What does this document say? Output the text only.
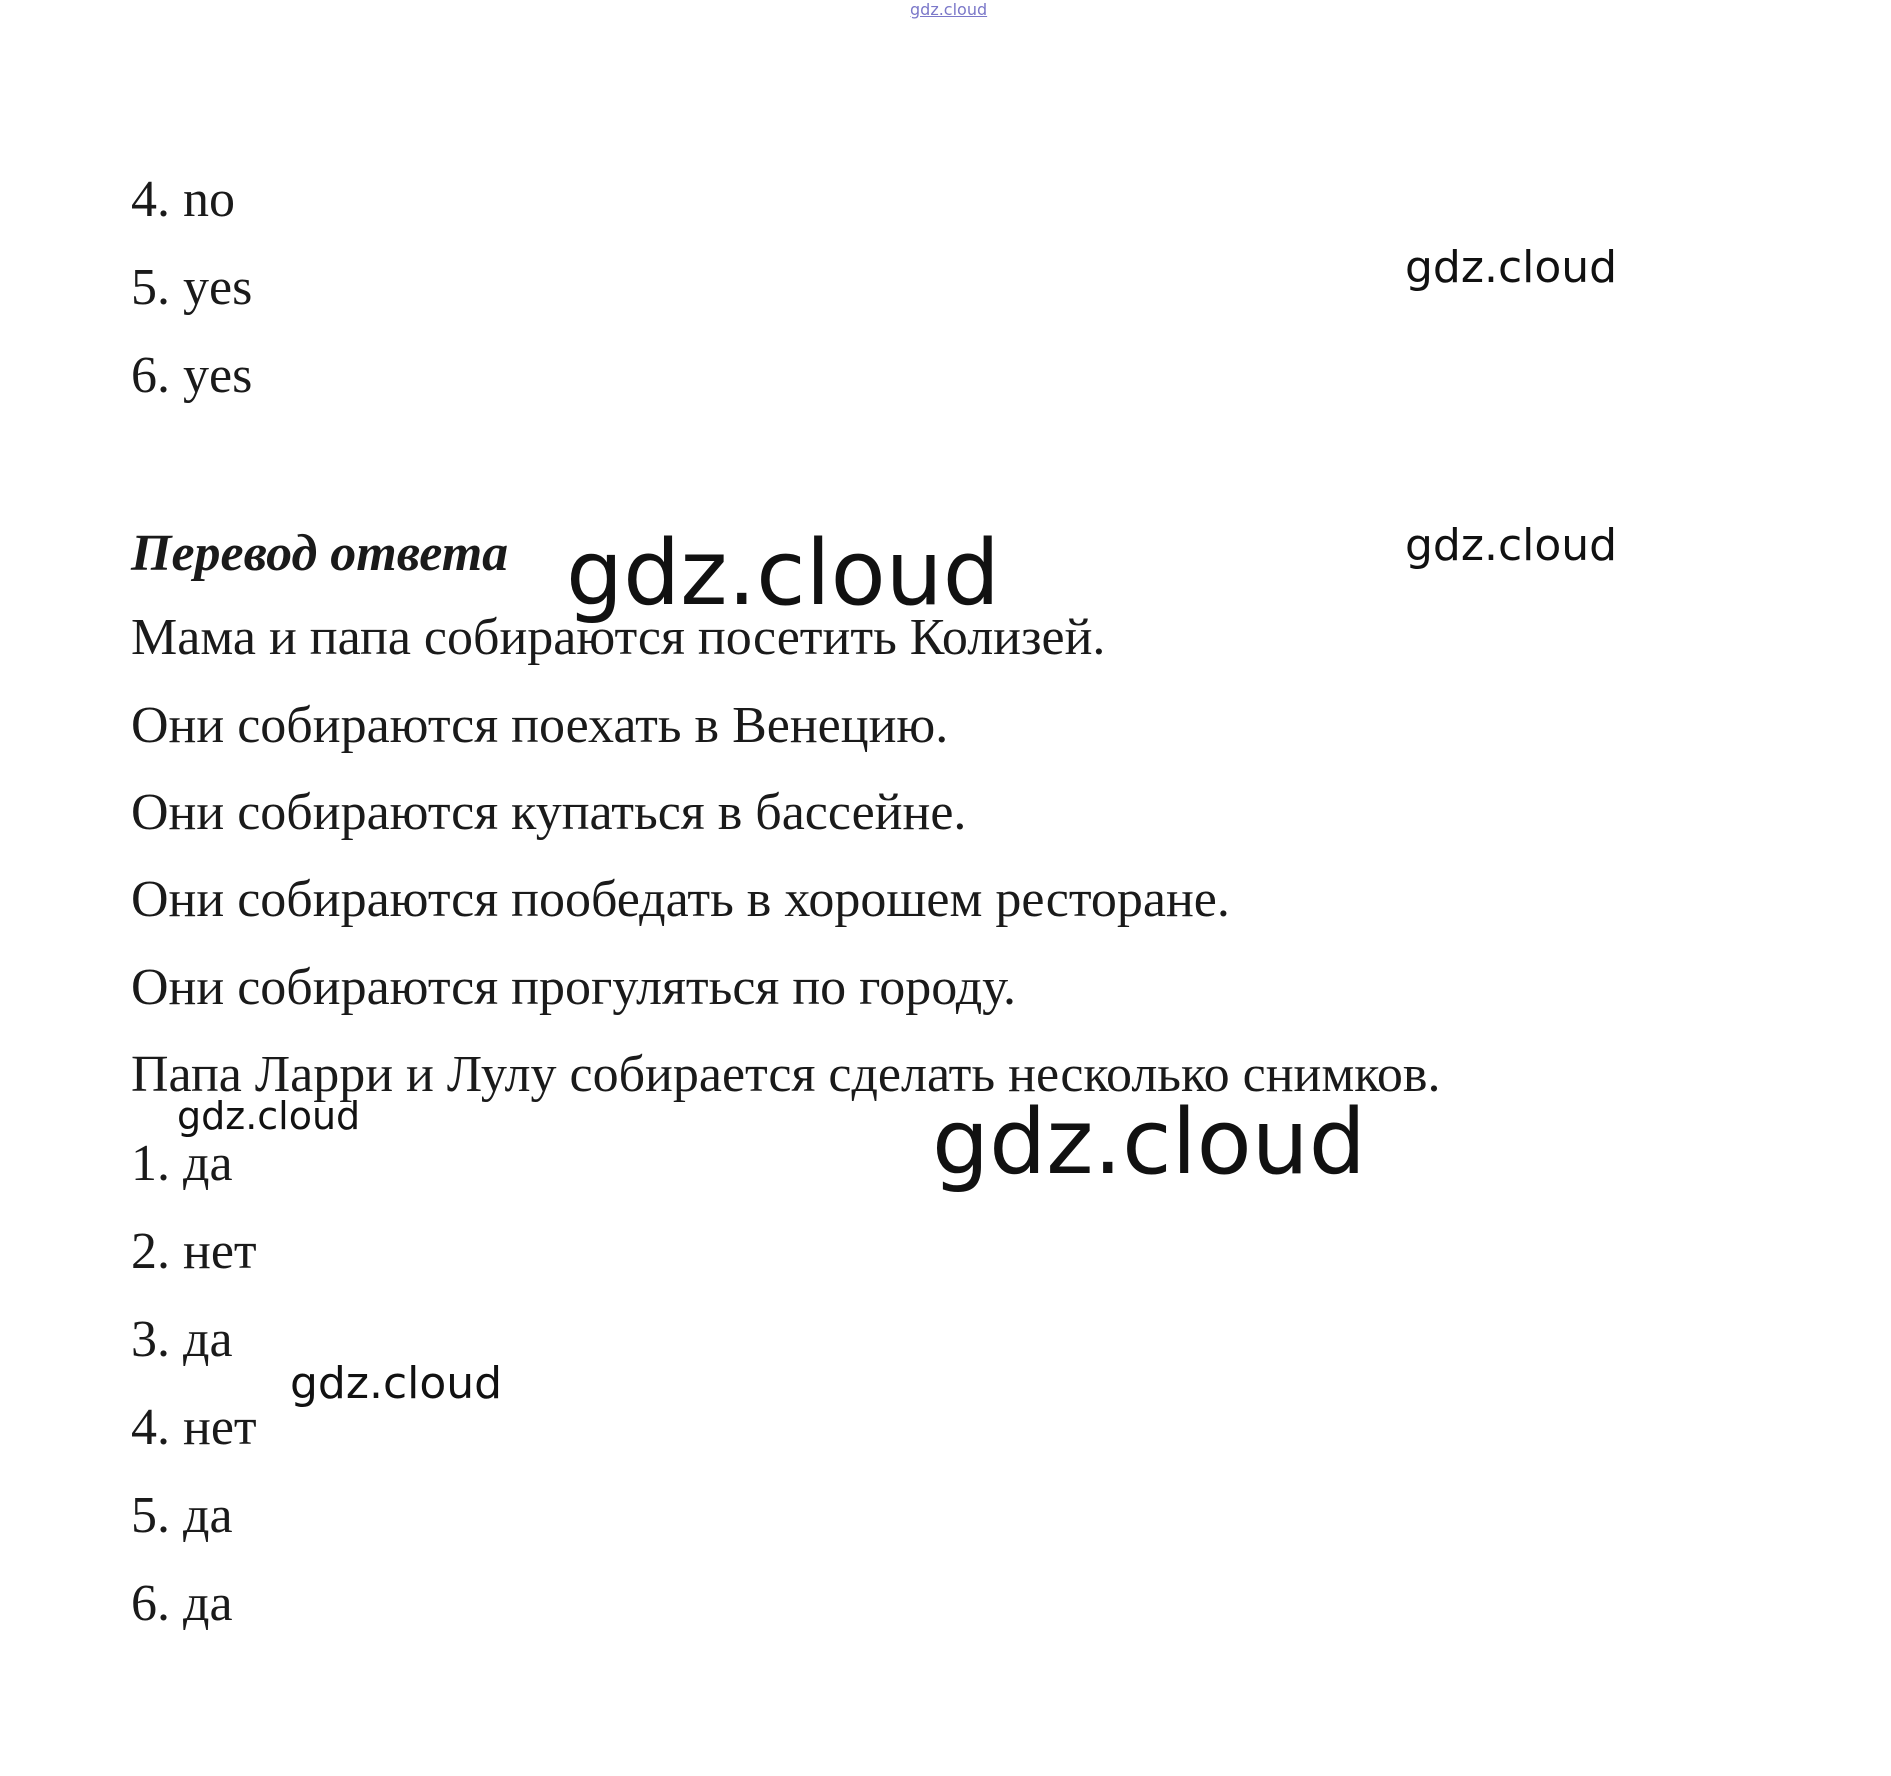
gdz.cloud
gdz.cloud
gdz.cloud
gdz.cloud
gdz.cloud	gdz.cloud
gdz.cloud
4. no
5. yes
6. yes
Перевод ответа
Мама и папа собираются посетить Колизей.
Они собираются поехать в Венецию.
Они собираются купаться в бассейне.
Они собираются пообедать в хорошем ресторане.
Они собираются прогуляться по городу.
Папа Ларри и Лулу собирается сделать несколько снимков.
1. да
2. нет
3. да
4. нет
5. да
6. да
